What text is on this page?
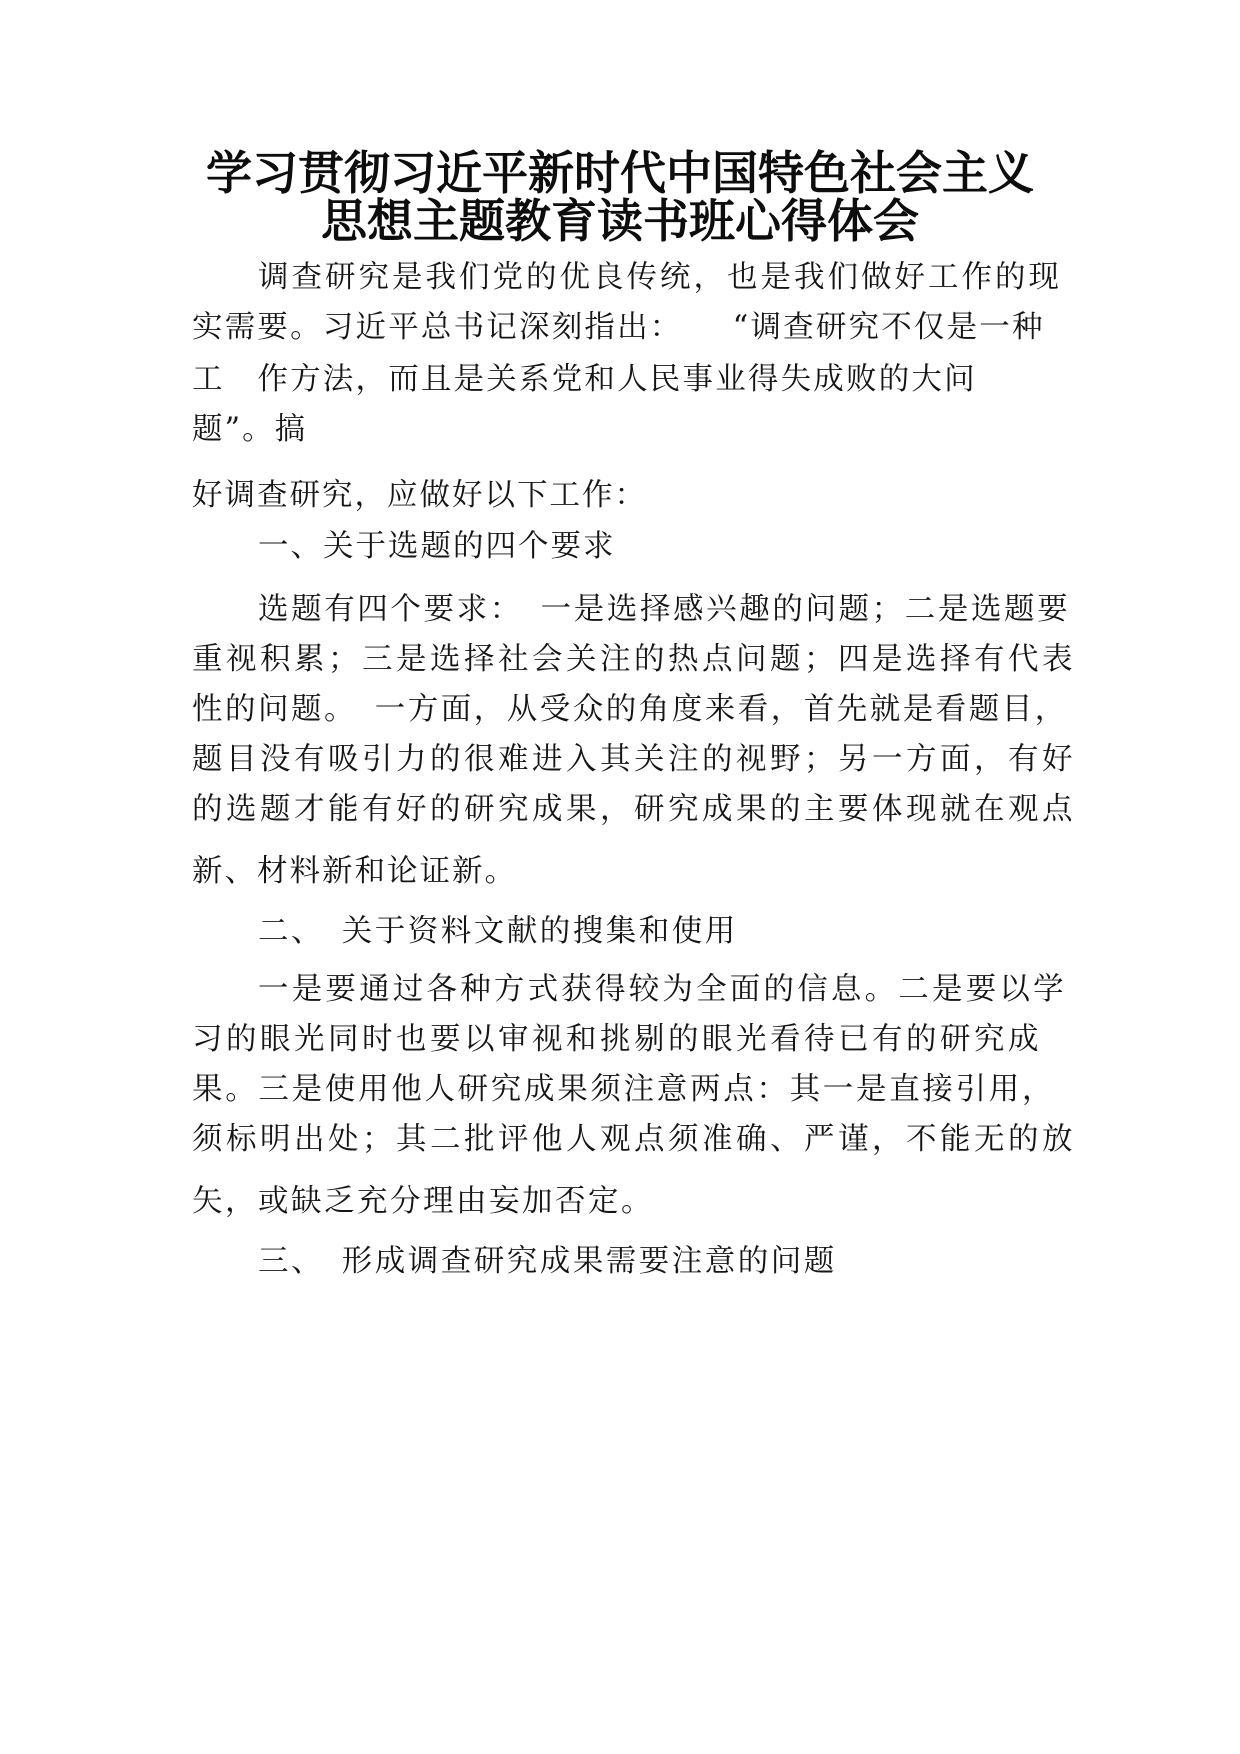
学习贯彻习近平新时代中国特色社会主义
思想主题教育读书班心得体会
调查研究是我们党的优良传统，也是我们做好工作的现
实需要。习近平总书记深刻指出：　　“调查研究不仅是一种
工　作方法，而且是关系党和人民事业得失成败的大问
题”。搞
好调查研究，应做好以下工作：
一、关于选题的四个要求
选题有四个要求：　一是选择感兴趣的问题；二是选题要
重视积累；三是选择社会关注的热点问题；四是选择有代表
性的问题。　一方面，从受众的角度来看，首先就是看题目，
题目没有吸引力的很难进入其关注的视野；另一方面，有好
的选题才能有好的研究成果，研究成果的主要体现就在观点
新、材料新和论证新。
二、　关于资料文献的搜集和使用
一是要通过各种方式获得较为全面的信息。二是要以学
习的眼光同时也要以审视和挑剔的眼光看待已有的研究成
果。三是使用他人研究成果须注意两点：其一是直接引用，
须标明出处；其二批评他人观点须准确、严谨，不能无的放
矢，或缺乏充分理由妄加否定。
三、　形成调查研究成果需要注意的问题
